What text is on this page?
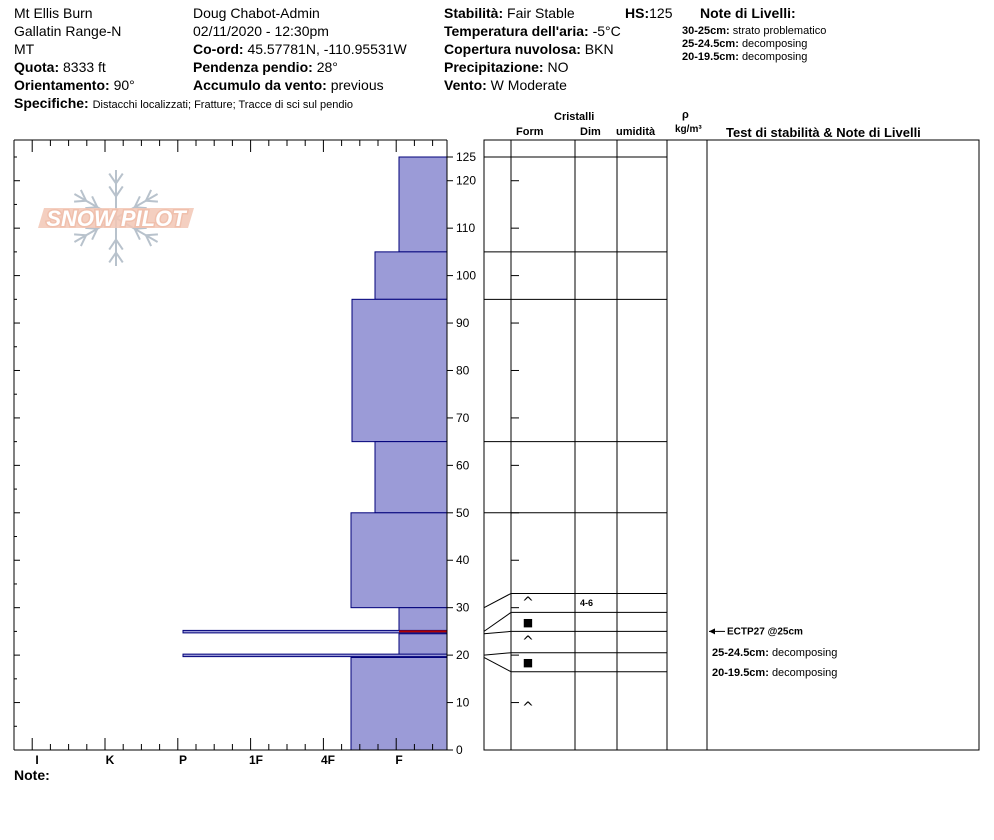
Mt Ellis Burn
Gallatin Range-N
MT
Quota: 8333 ft
Orientamento: 90°
Specifiche: Distacchi localizzati; Fratture; Tracce di sci sul pendio
Doug Chabot-Admin
02/11/2020 - 12:30pm
Co-ord: 45.57781N, -110.95531W
Pendenza pendio: 28°
Accumulo da vento: previous
Stabilità: Fair Stable	HS:125
Temperatura dell'aria: -5°C
Copertura nuvolosa: BKN
Precipitazione: NO
Vento: W Moderate
Note di Livelli:
30-25cm: strato problematico
25-24.5cm: decomposing
20-19.5cm: decomposing
Cristalli
Form	Dim umidità
ρ
kg/m³ Test di stabilità & Note di Livelli
SNOW PILOT
I	K	P	1F	4F	F
0
10
20
30
40
50
60
70
80
90
100
110
120
125
^	4-6
■
^
■
^
ECTP27 @25cm
25-24.5cm: decomposing
20-19.5cm: decomposing
Note:
